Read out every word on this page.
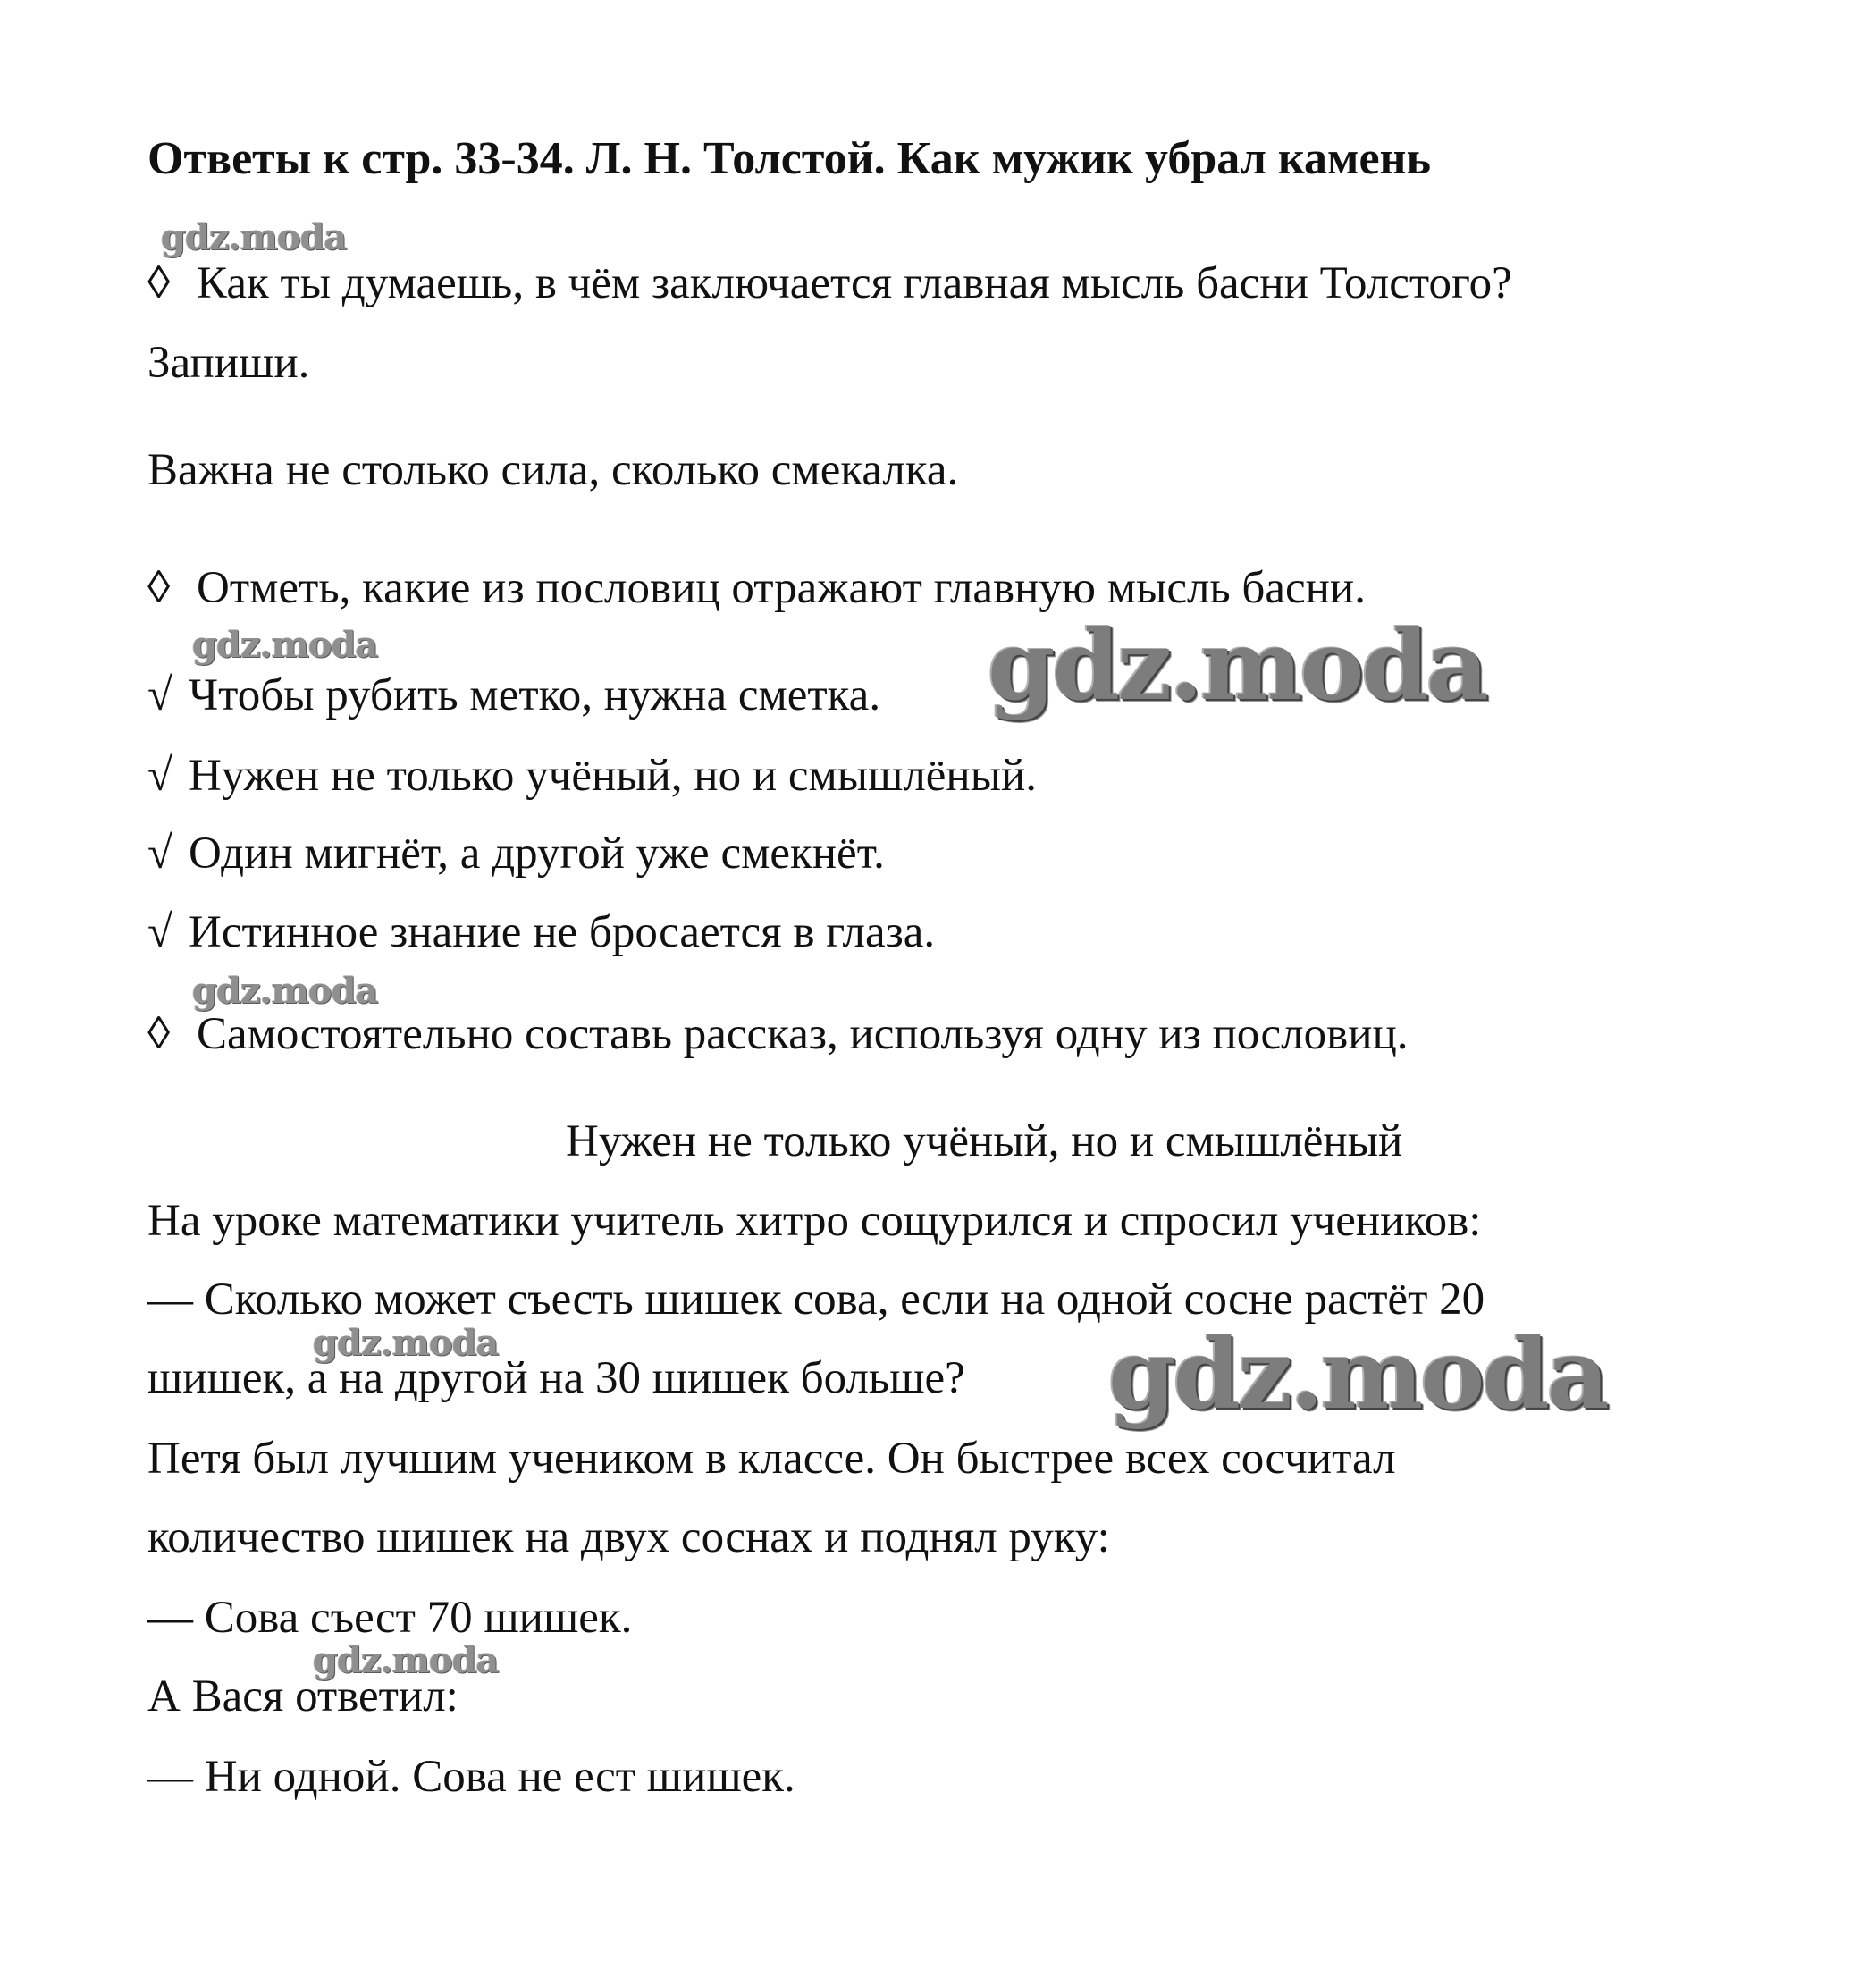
Ответы к стр. 33-34. Л. Н. Толстой. Как мужик убрал камень
◊ Как ты думаешь, в чём заключается главная мысль басни Толстого?
Запиши.
Важна не столько сила, сколько смекалка.
◊ Отметь, какие из пословиц отражают главную мысль басни.
√ Чтобы рубить метко, нужна сметка.
√ Нужен не только учёный, но и смышлёный.
√ Один мигнёт, а другой уже смекнёт.
√ Истинное знание не бросается в глаза.
◊ Самостоятельно составь рассказ, используя одну из пословиц.
Нужен не только учёный, но и смышлёный
На уроке математики учитель хитро сощурился и спросил учеников:
— Сколько может съесть шишек сова, если на одной сосне растёт 20
шишек, а на другой на 30 шишек больше?
Петя был лучшим учеником в классе. Он быстрее всех сосчитал
количество шишек на двух соснах и поднял руку:
— Сова съест 70 шишек.
А Вася ответил:
— Ни одной. Сова не ест шишек.
gdz.moda
gdz.moda	gdz.moda
gdz.moda
gdz.moda	gdz.moda
gdz.moda
